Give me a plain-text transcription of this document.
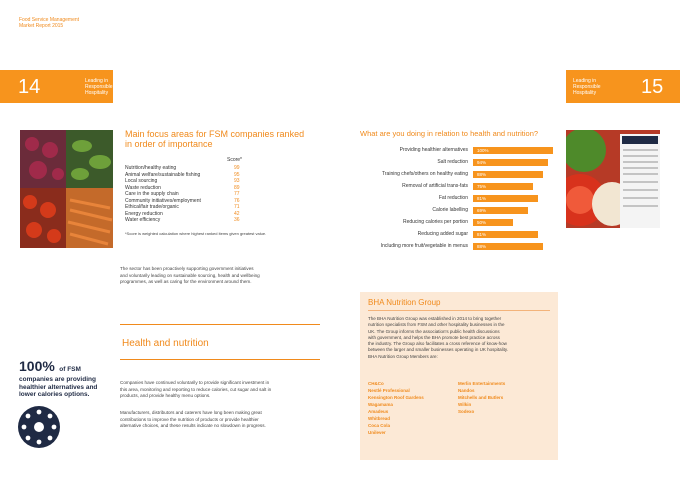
Food Service Management
Market Report 2015
14	Leading in
Responsible
Hospitality
Leading in
Responsible
Hospitality 15
Main focus areas for FSM companies ranked
in order of importance
Score*
Nutrition/healthy eating	99
Animal welfare/sustainable fishing	95
Local sourcing	93
Waste reduction	89
Care in the supply chain	77
Community initiatives/employment	76
Ethical/fair trade/organic	71
Energy reduction	42
Water efficiency	36
*Score is weighted calculation where highest ranked items given greatest value.
The sector has been proactively supporting government initiatives
and voluntarily leading on sustainable sourcing, health and wellbeing
programmes, as well as caring for the environment around them.
Health and nutrition
Companies have continued voluntarily to provide significant investment in
this area, monitoring and reporting to reduce calories, cut sugar and salt in
products, and provide healthy menu options.
Manufacturers, distributors and caterers have long been making great
contributions to improve the nutrition of products or provide healthier
alternative choices, and these results indicate no slowdown in progress.
100% of FSM
companies are providing
healthier alternatives and
lower calories options.
What are you doing in relation to health and nutrition?
Providing healthier alternatives 100%
Salt reduction 94%
Training chefs/others on healthy eating 88%
Removal of artificial trans-fats 75%
Fat reduction 81%
Calorie labelling 69%
Reducing calories per portion 50%
Reducing added sugar 81%
Including more fruit/vegetable in menus 88%
BHA Nutrition Group
The BHA Nutrition Group was established in 2014 to bring together
nutrition specialists from FSM and other hospitality businesses in the
UK. The Group informs the association's public health discussions
with government, and helps the BHA promote best practice across
the industry. The Group also facilitates a cross reference of know-how
between the larger and smaller businesses operating in UK hospitality.
BHA Nutrition Group Members are:
CH&Co
Nestlé Professional
Kensington Roof Gardens
Wagamama
Amadeus
Whitbread
Coca Cola
Unilever
Merlin Entertainments
Nandos
Mitchells and Butlers
Wilkin
Sodexo
